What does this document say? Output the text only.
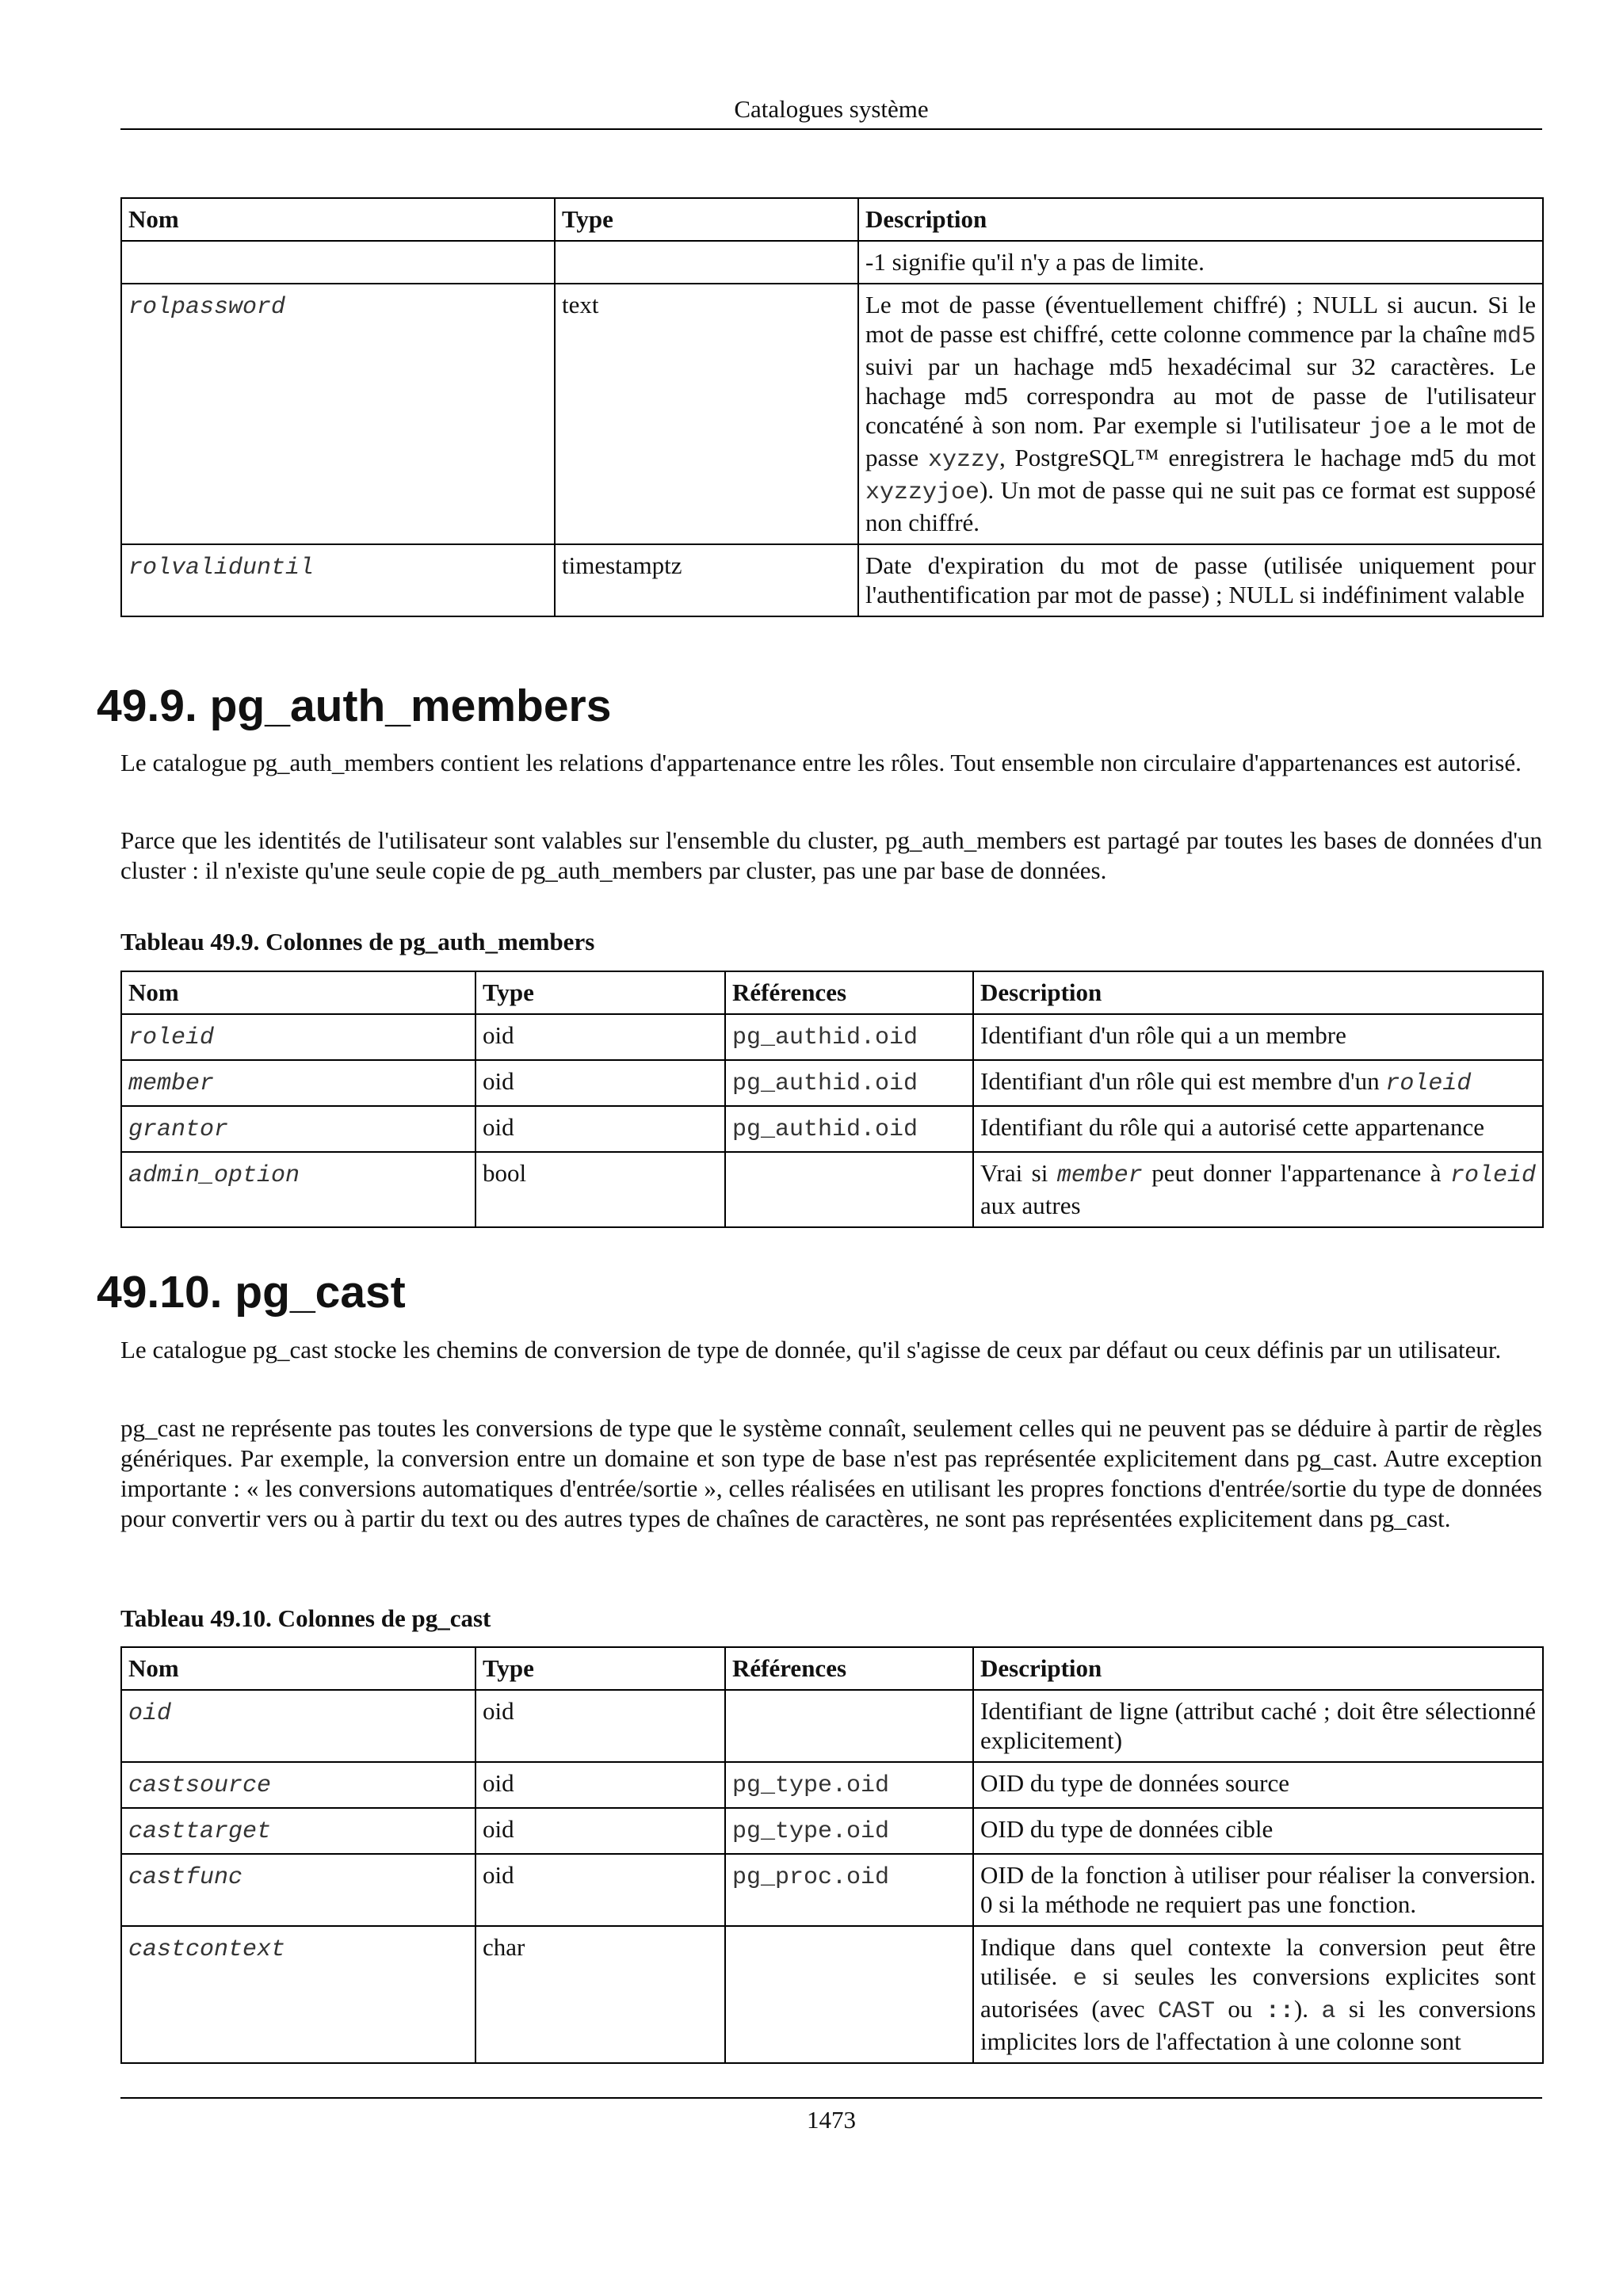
Catalogues système
Nom	Type	Description
		-1 signifie qu'il n'y a pas de limite.
rolpassword	text	Le mot de passe (éventuellement chiffré) ; NULL si aucun. Si le mot de passe est chiffré, cette colonne commence par la chaîne md5 suivi par un hachage md5 hexadécimal sur 32 caractères. Le hachage md5 correspondra au mot de passe de l'utilisateur concaténé à son nom. Par exemple si l'utilisateur joe a le mot de passe xyzzy, PostgreSQL™ enregistrera le hachage md5 du mot xyzzyjoe). Un mot de passe qui ne suit pas ce format est supposé non chiffré.
rolvaliduntil	timestamptz	Date d'expiration du mot de passe (utilisée uniquement pour l'authentification par mot de passe) ; NULL si indéfiniment valable
49.9. pg_auth_members

Le catalogue pg_auth_members contient les relations d'appartenance entre les rôles. Tout ensemble non circulaire d'appartenances est autorisé.

Parce que les identités de l'utilisateur sont valables sur l'ensemble du cluster, pg_auth_members est partagé par toutes les bases de données d'un cluster : il n'existe qu'une seule copie de pg_auth_members par cluster, pas une par base de données.

Tableau 49.9. Colonnes de pg_auth_members
Nom	Type	Références	Description
roleid	oid	pg_authid.oid	Identifiant d'un rôle qui a un membre
member	oid	pg_authid.oid	Identifiant d'un rôle qui est membre d'un roleid
grantor	oid	pg_authid.oid	Identifiant du rôle qui a autorisé cette appartenance
admin_option	bool		Vrai si member peut donner l'appartenance à roleid aux autres
49.10. pg_cast

Le catalogue pg_cast stocke les chemins de conversion de type de donnée, qu'il s'agisse de ceux par défaut ou ceux définis par un utilisateur.

pg_cast ne représente pas toutes les conversions de type que le système connaît, seulement celles qui ne peuvent pas se déduire à partir de règles génériques. Par exemple, la conversion entre un domaine et son type de base n'est pas représentée explicitement dans pg_cast. Autre exception importante : « les conversions automatiques d'entrée/sortie », celles réalisées en utilisant les propres fonctions d'entrée/sortie du type de données pour convertir vers ou à partir du text ou des autres types de chaînes de caractères, ne sont pas représentées explicitement dans pg_cast.

Tableau 49.10. Colonnes de pg_cast
Nom	Type	Références	Description
oid	oid		Identifiant de ligne (attribut caché ; doit être sélectionné explicitement)
castsource	oid	pg_type.oid	OID du type de données source
casttarget	oid	pg_type.oid	OID du type de données cible
castfunc	oid	pg_proc.oid	OID de la fonction à utiliser pour réaliser la conversion. 0 si la méthode ne requiert pas une fonction.
castcontext	char		Indique dans quel contexte la conversion peut être utilisée. e si seules les conversions explicites sont autorisées (avec CAST ou ::). a si les conversions implicites lors de l'affectation à une colonne sont
1473
